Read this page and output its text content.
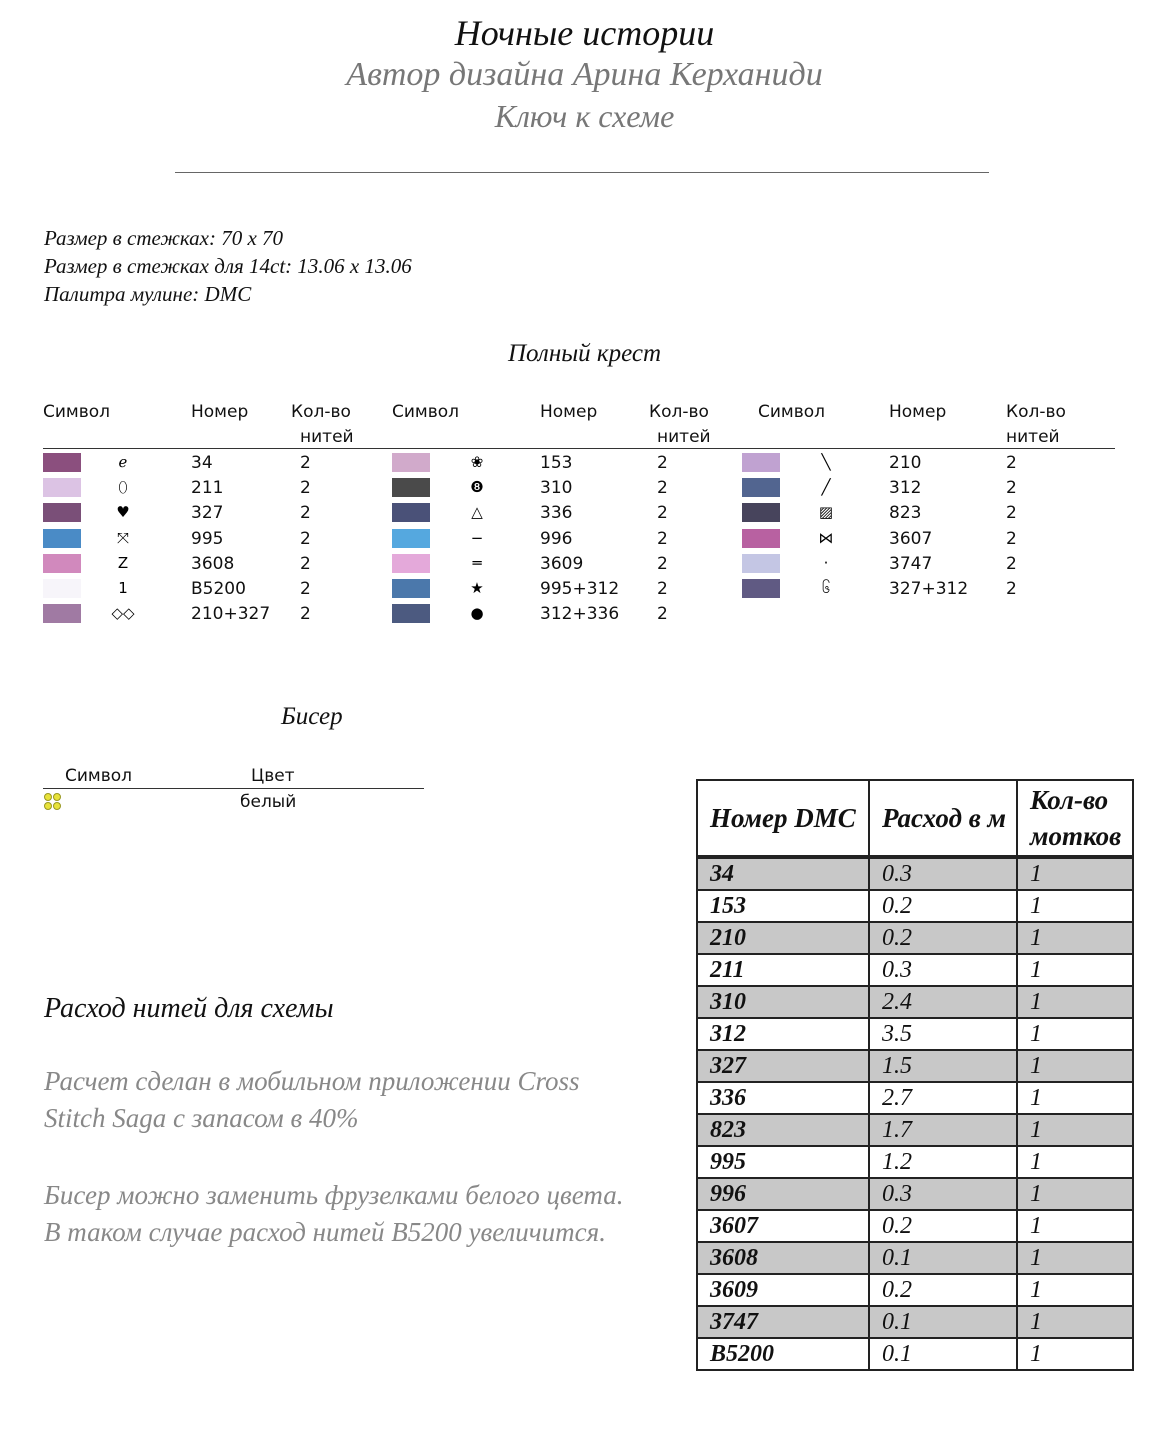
Ночные истории
Автор дизайна Арина Керханиди
Ключ к схеме
Размер в стежках: 70 x 70
Размер в стежках для 14ct: 13.06 x 13.06
Палитра мулине: DMC
Полный крест
Символ	Номер	Кол-во
нитей
Символ	Номер	Кол-во
нитей
Символ	Номер	Кол-во
нитей
ℯ	34	2
⬯	211	2
♥	327	2
⤧	995	2
Z	3608	2
1	B5200	2
◇◇	210+327 2
❀	153	2
❽	310	2
△	336	2
−	996	2
═	3609	2
★	995+312 2
●	312+336 2
╲	210	2
╱	312	2
▨	823	2
⋈	3607	2
·	3747	2
၆	327+312 2
Бисер
Символ	Цвет
белый
Расход нитей для схемы
Расчет сделан в мобильном приложении Cross
Stitch Saga с запасом в 40%
Бисер можно заменить фрузелками белого цвета.
В таком случае расход нитей B5200 увеличится.
Номер DMC	Расход в м	Кол-во мотков
34	0.3	1
153	0.2	1
210	0.2	1
211	0.3	1
310	2.4	1
312	3.5	1
327	1.5	1
336	2.7	1
823	1.7	1
995	1.2	1
996	0.3	1
3607	0.2	1
3608	0.1	1
3609	0.2	1
3747	0.1	1
B5200	0.1	1
